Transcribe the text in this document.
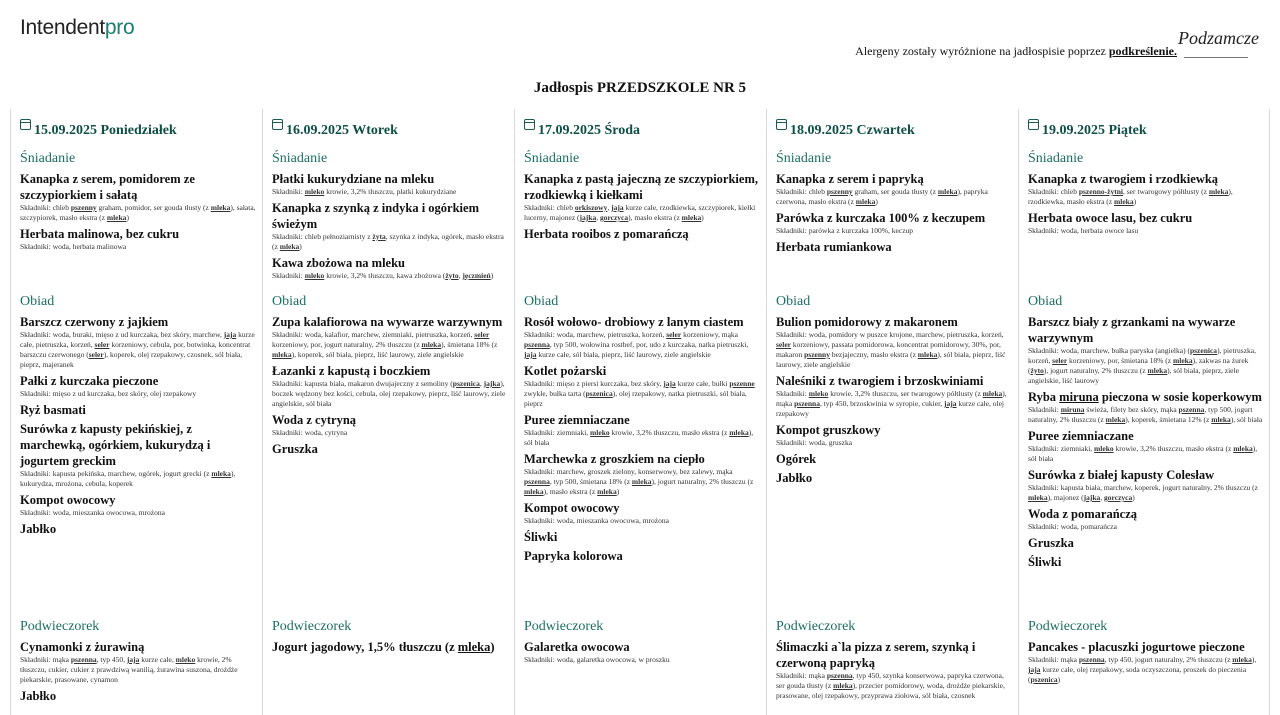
Intendentpro
Alergeny zostały wyróżnione na jadłospisie poprzez podkreślenie.
Podzamcze
Jadłospis PRZEDSZKOLE NR 5
15.09.2025 Poniedziałek
Śniadanie
Kanapka z serem, pomidorem ze szczypiorkiem i sałatą
Składniki: chleb pszenny graham, pomidor, ser gouda tłusty (z mleka), sałata, szczypiorek, masło ekstra (z mleka)
Herbata malinowa, bez cukru
Składniki: woda, herbata malinowa
Obiad
Barszcz czerwony z jajkiem
Składniki: woda, buraki, mięso z ud kurczaka, bez skóry, marchew, jaja kurze całe, pietruszka, korzeń, seler korzeniowy, cebula, por, botwinka, koncentrat barszczu czerwonego (seler), koperek, olej rzepakowy, czosnek, sól biała, pieprz, majeranek
Pałki z kurczaka pieczone
Składniki: mięso z ud kurczaka, bez skóry, olej rzepakowy
Ryż basmati
Surówka z kapusty pekińskiej, z marchewką, ogórkiem, kukurydzą i jogurtem greckim
Składniki: kapusta pekińska, marchew, ogórek, jogurt grecki (z mleka), kukurydza, mrożona, cebula, koperek
Kompot owocowy
Składniki: woda, mieszanka owocowa, mrożona
Jabłko
Podwieczorek
Cynamonki z żurawiną
Składniki: mąka pszenna, typ 450, jaja kurze całe, mleko krowie, 2% tłuszczu, cukier, cukier z prawdziwą wanilią, żurawina suszona, drożdże piekarskie, prasowane, cynamon
Jabłko
16.09.2025 Wtorek
Śniadanie
Płatki kukurydziane na mleku
Składniki: mleko krowie, 3,2% tłuszczu, płatki kukurydziane
Kanapka z szynką z indyka i ogórkiem świeżym
Składniki: chleb pełnoziarnisty z żyta, szynka z indyka, ogórek, masło ekstra (z mleka)
Kawa zbożowa na mleku
Składniki: mleko krowie, 3,2% tłuszczu, kawa zbożowa (żyto, jęczmień)
Obiad
Zupa kalafiorowa na wywarze warzywnym
Składniki: woda, kalafior, marchew, ziemniaki, pietruszka, korzeń, seler korzeniowy, por, jogurt naturalny, 2% tłuszczu (z mleka), śmietana 18% (z mleka), koperek, sól biała, pieprz, liść laurowy, ziele angielskie
Łazanki z kapustą i boczkiem
Składniki: kapusta biała, makaron dwujajeczny z semoliny (pszenica, jajka), boczek wędzony bez kości, cebula, olej rzepakowy, pieprz, liść laurowy, ziele angielskie, sól biała
Woda z cytryną
Składniki: woda, cytryna
Gruszka
Podwieczorek
Jogurt jagodowy, 1,5% tłuszczu (z mleka)
17.09.2025 Środa
Śniadanie
Kanapka z pastą jajeczną ze szczypiorkiem, rzodkiewką i kiełkami
Składniki: chleb orkiszowy, jaja kurze całe, rzodkiewka, szczypiorek, kiełki lucerny, majonez (jajka, gorczyca), masło ekstra (z mleka)
Herbata rooibos z pomarańczą
Obiad
Rosół wołowo- drobiowy z lanym ciastem
Składniki: woda, marchew, pietruszka, korzeń, seler korzeniowy, mąka pszenna, typ 500, wołowina rostbef, por, udo z kurczaka, natka pietruszki, jaja kurze całe, sól biała, pieprz, liść laurowy, ziele angielskie
Kotlet pożarski
Składniki: mięso z piersi kurczaka, bez skóry, jaja kurze całe, bułki pszenne zwykłe, bułka tarta (pszenica), olej rzepakowy, natka pietruszki, sól biała, pieprz
Puree ziemniaczane
Składniki: ziemniaki, mleko krowie, 3,2% tłuszczu, masło ekstra (z mleka), sól biała
Marchewka z groszkiem na ciepło
Składniki: marchew, groszek zielony, konserwowy, bez zalewy, mąka pszenna, typ 500, śmietana 18% (z mleka), jogurt naturalny, 2% tłuszczu (z mleka), masło ekstra (z mleka)
Kompot owocowy
Składniki: woda, mieszanka owocowa, mrożona
Śliwki
Papryka kolorowa
Podwieczorek
Galaretka owocowa
Składniki: woda, galaretka owocowa, w proszku
18.09.2025 Czwartek
Śniadanie
Kanapka z serem i papryką
Składniki: chleb pszenny graham, ser gouda tłusty (z mleka), papryka czerwona, masło ekstra (z mleka)
Parówka z kurczaka 100% z keczupem
Składniki: parówka z kurczaka 100%, keczup
Herbata rumiankowa
Obiad
Bulion pomidorowy z makaronem
Składniki: woda, pomidory w puszce krojone, marchew, pietruszka, korzeń, seler korzeniowy, passata pomidorowa, koncentrat pomidorowy, 30%, por, makaron pszenny bezjajeczny, masło ekstra (z mleka), sól biała, pieprz, liść laurowy, ziele angielskie
Naleśniki z twarogiem i brzoskwiniami
Składniki: mleko krowie, 3,2% tłuszczu, ser twarogowy półtłusty (z mleka), mąka pszenna, typ 450, brzoskwinia w syropie, cukier, jaja kurze całe, olej rzepakowy
Kompot gruszkowy
Składniki: woda, gruszka
Ogórek
Jabłko
Podwieczorek
Ślimaczki a`la pizza z serem, szynką i czerwoną papryką
Składniki: mąka pszenna, typ 450, szynka konserwowa, papryka czerwona, ser gouda tłusty (z mleka), przecier pomidorowy, woda, drożdże piekarskie, prasowane, olej rzepakowy, przyprawa ziołowa, sól biała, czosnek
19.09.2025 Piątek
Śniadanie
Kanapka z twarogiem i rzodkiewką
Składniki: chleb pszenno-żytni, ser twarogowy półtłusty (z mleka), rzodkiewka, masło ekstra (z mleka)
Herbata owoce lasu, bez cukru
Składniki: woda, herbata owoce lasu
Obiad
Barszcz biały z grzankami na wywarze warzywnym
Składniki: woda, marchew, bułka paryska (angielka) (pszenica), pietruszka, korzeń, seler korzeniowy, por, śmietana 18% (z mleka), zakwas na żurek (żyto), jogurt naturalny, 2% tłuszczu (z mleka), sól biała, pieprz, ziele angielskie, liść laurowy
Ryba miruna pieczona w sosie koperkowym
Składniki: miruna świeża, filety bez skóry, mąka pszenna, typ 500, jogurt naturalny, 2% tłuszczu (z mleka), koperek, śmietana 12% (z mleka), sól biała
Puree ziemniaczane
Składniki: ziemniaki, mleko krowie, 3,2% tłuszczu, masło ekstra (z mleka), sól biała
Surówka z białej kapusty Colesław
Składniki: kapusta biała, marchew, koperek, jogurt naturalny, 2% tłuszczu (z mleka), majonez (jajka, gorczyca)
Woda z pomarańczą
Składniki: woda, pomarańcza
Gruszka
Śliwki
Podwieczorek
Pancakes - placuszki jogurtowe pieczone
Składniki: mąka pszenna, typ 450, jogurt naturalny, 2% tłuszczu (z mleka), jaja kurze całe, olej rzepakowy, soda oczyszczona, proszek do pieczenia (pszenica)
